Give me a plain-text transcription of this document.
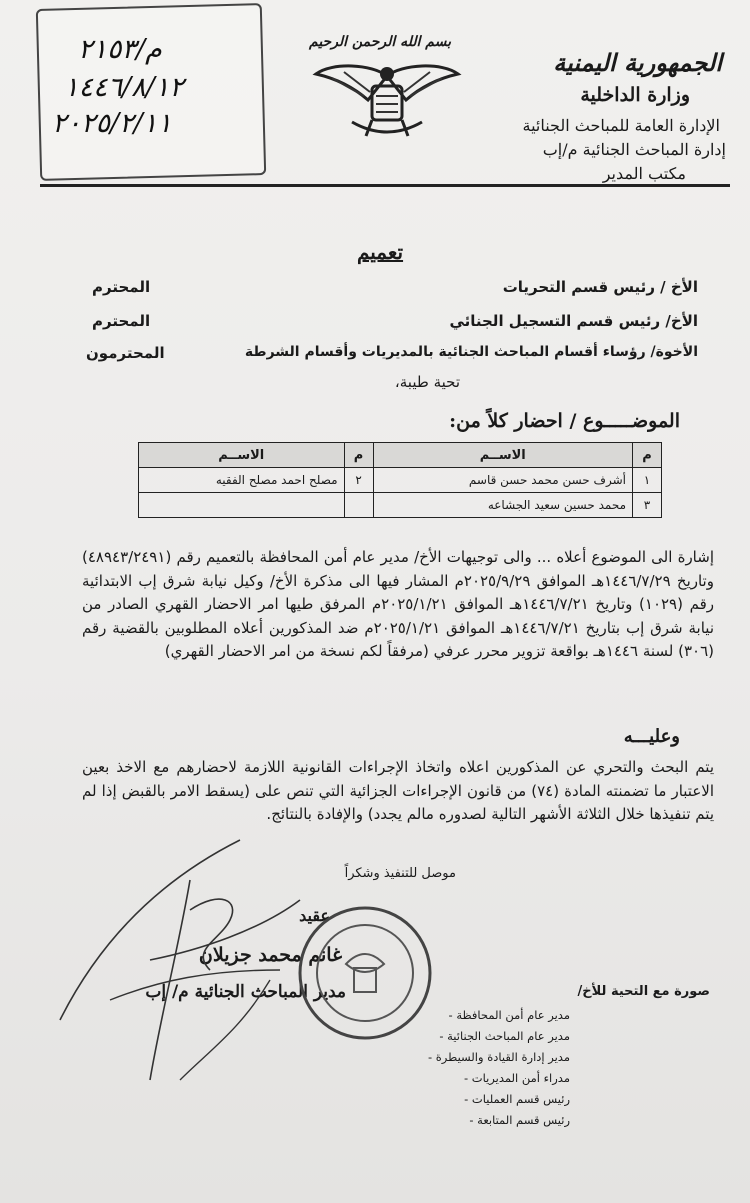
م/٢١٥٣
١٤٤٦/٨/١٢
٢٠٢٥/٢/١١
بسم الله الرحمن الرحيم
الجمهورية اليمنية
وزارة الداخلية
الإدارة العامة للمباحث الجنائية
إدارة المباحث الجنائية م/إب
مكتب المدير
تعميم
الأخ / رئيس قسم التحريات
المحترم
الأخ/ رئيس قسم التسجيل الجنائي
المحترم
الأخوة/ رؤساء أقسام المباحث الجنائية بالمديريات وأقسام الشرطة
المحترمون
تحية طيبة،
الموضـــــوع / احضار كلاً من:
م	الاســم	م	الاســم
١	أشرف حسن محمد حسن قاسم	٢	مصلح احمد مصلح الفقيه
٣	محمد حسين سعيد الجشاعه		
إشارة الى الموضوع أعلاه ... والى توجيهات الأخ/ مدير عام أمن المحافظة بالتعميم رقم (٤٨٩٤٣/٢٤٩١) وتاريخ ١٤٤٦/٧/٢٩هـ الموافق ٢٠٢٥/٩/٢٩م المشار فيها الى مذكرة الأخ/ وكيل نيابة شرق إب الابتدائية رقم (١٠٢٩) وتاريخ ١٤٤٦/٧/٢١هـ الموافق ٢٠٢٥/١/٢١م المرفق طيها امر الاحضار القهري الصادر من نيابة شرق إب بتاريخ ١٤٤٦/٧/٢١هـ الموافق ٢٠٢٥/١/٢١م ضد المذكورين أعلاه المطلوبين بالقضية رقم (٣٠٦) لسنة ١٤٤٦هـ بواقعة تزوير محرر عرفي (مرفقاً لكم نسخة من امر الاحضار القهري)
وعليـــه
يتم البحث والتحري عن المذكورين اعلاه واتخاذ الإجراءات القانونية اللازمة لاحضارهم مع الاخذ بعين الاعتبار ما تضمنته المادة (٧٤) من قانون الإجراءات الجزائية التي تنص على (يسقط الامر بالقبض إذا لم يتم تنفيذها خلال الثلاثة الأشهر التالية لصدوره مالم يجدد) والإفادة بالنتائج.
موصل للتنفيذ وشكراً
عقيد
غانم محمد جزيلان
مدير المباحث الجنائية م/ إب	صورة مع التحية للأخ/
مدير عام أمن المحافظة -
مدير عام المباحث الجنائية -
مدير إدارة القيادة والسيطرة -
مدراء أمن المديريات -
رئيس قسم العمليات -
رئيس قسم المتابعة -
